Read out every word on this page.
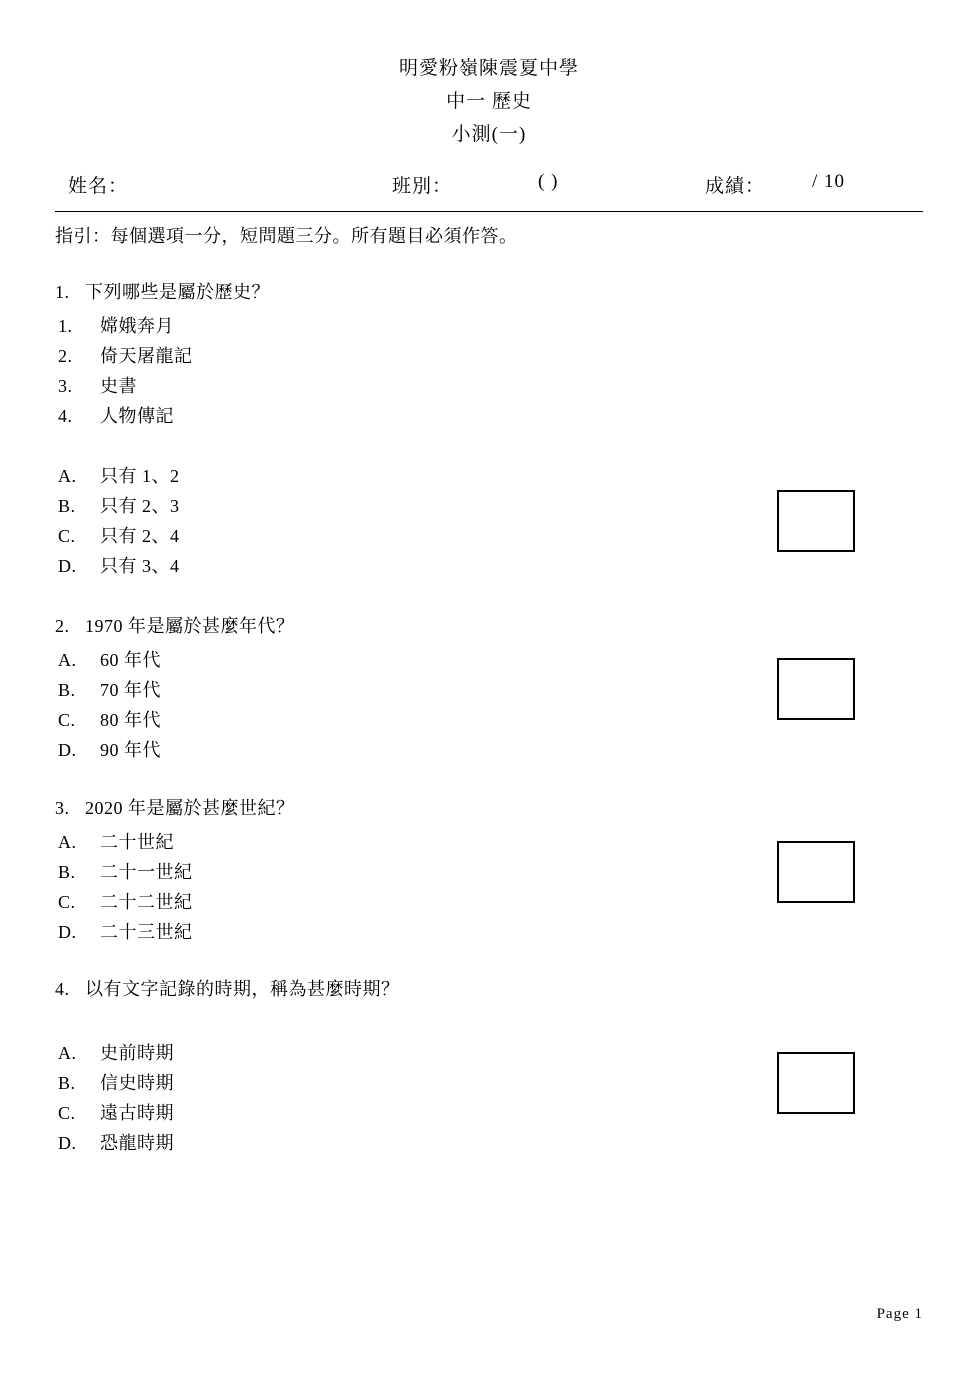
明愛粉嶺陳震夏中學
中一 歷史
小測(一)
姓名：	班別：	( )	成績： / 10
指引：每個選項一分，短問題三分。所有題目必須作答。
1. 下列哪些是屬於歷史？
1. 嫦娥奔月
2. 倚天屠龍記
3. 史書
4. 人物傳記
A. 只有 1、2
B. 只有 2、3
C. 只有 2、4
D. 只有 3、4
2. 1970 年是屬於甚麼年代？
A. 60 年代
B. 70 年代
C. 80 年代
D. 90 年代
3. 2020 年是屬於甚麼世紀？
A. 二十世紀
B. 二十一世紀
C. 二十二世紀
D. 二十三世紀
4. 以有文字記錄的時期，稱為甚麼時期？
A. 史前時期
B. 信史時期
C. 遠古時期
D. 恐龍時期
Page 1
